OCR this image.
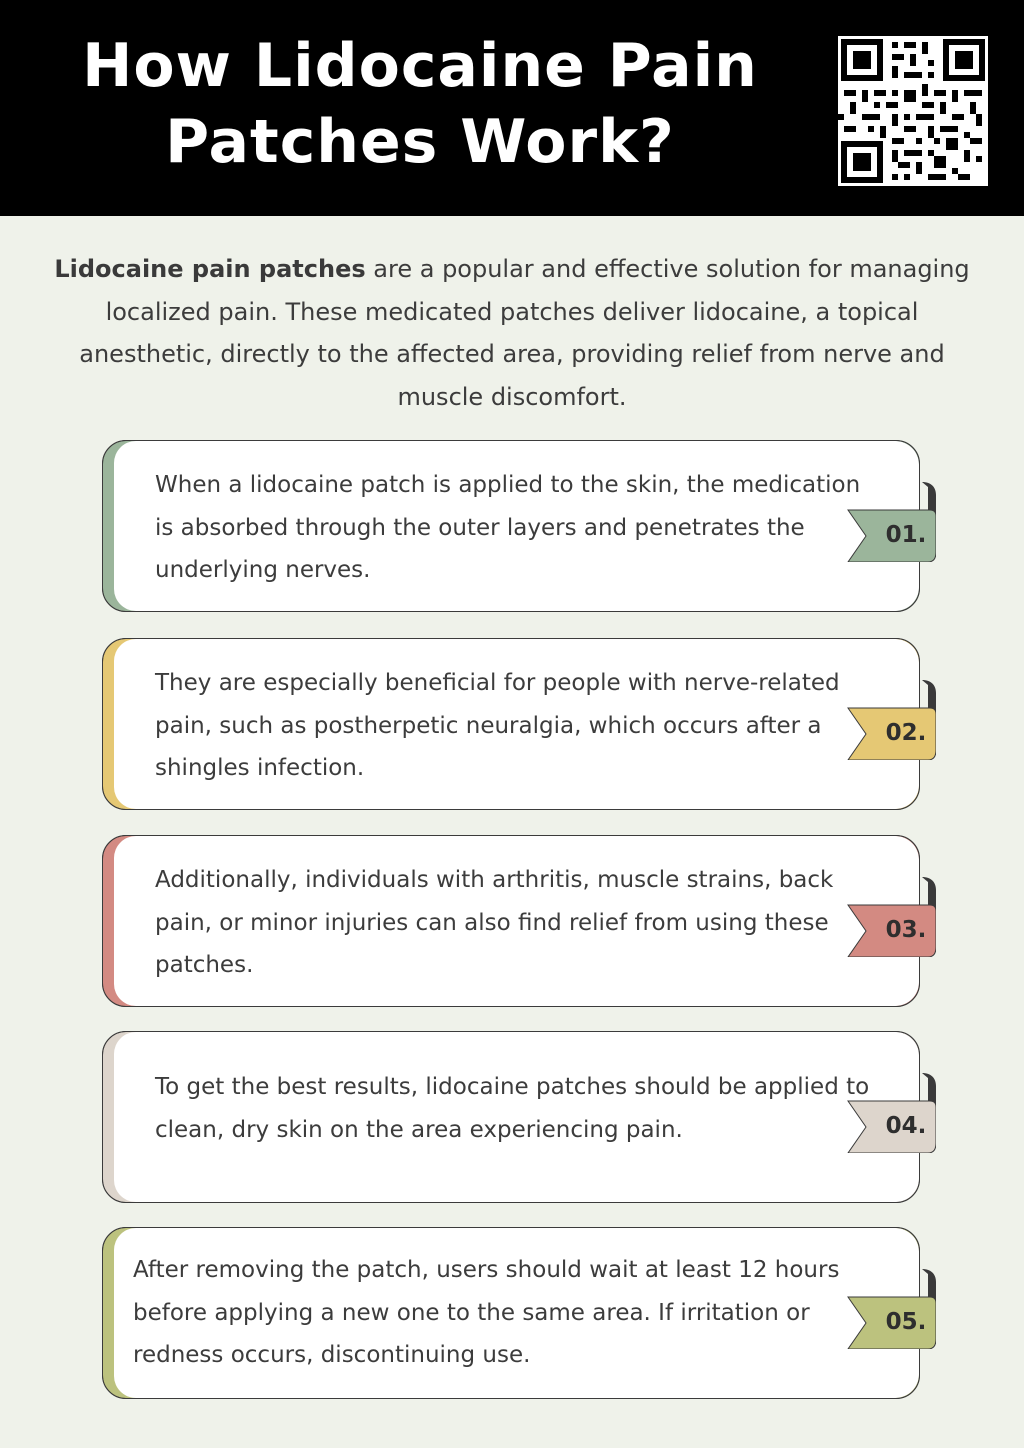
How Lidocaine Pain Patches Work?
Lidocaine pain patches are a popular and effective solution for managing localized pain. These medicated patches deliver lidocaine, a topical anesthetic, directly to the affected area, providing relief from nerve and muscle discomfort.
When a lidocaine patch is applied to the skin, the medication is absorbed through the outer layers and penetrates the underlying nerves.
01.
They are especially beneficial for people with nerve-related pain, such as postherpetic neuralgia, which occurs after a shingles infection.
02.
Additionally, individuals with arthritis, muscle strains, back pain, or minor injuries can also find relief from using these patches.
03.
To get the best results, lidocaine patches should be applied to clean, dry skin on the area experiencing pain.	04.
After removing the patch, users should wait at least 12 hours before applying a new one to the same area. If irritation or redness occurs, discontinuing use.
05.
